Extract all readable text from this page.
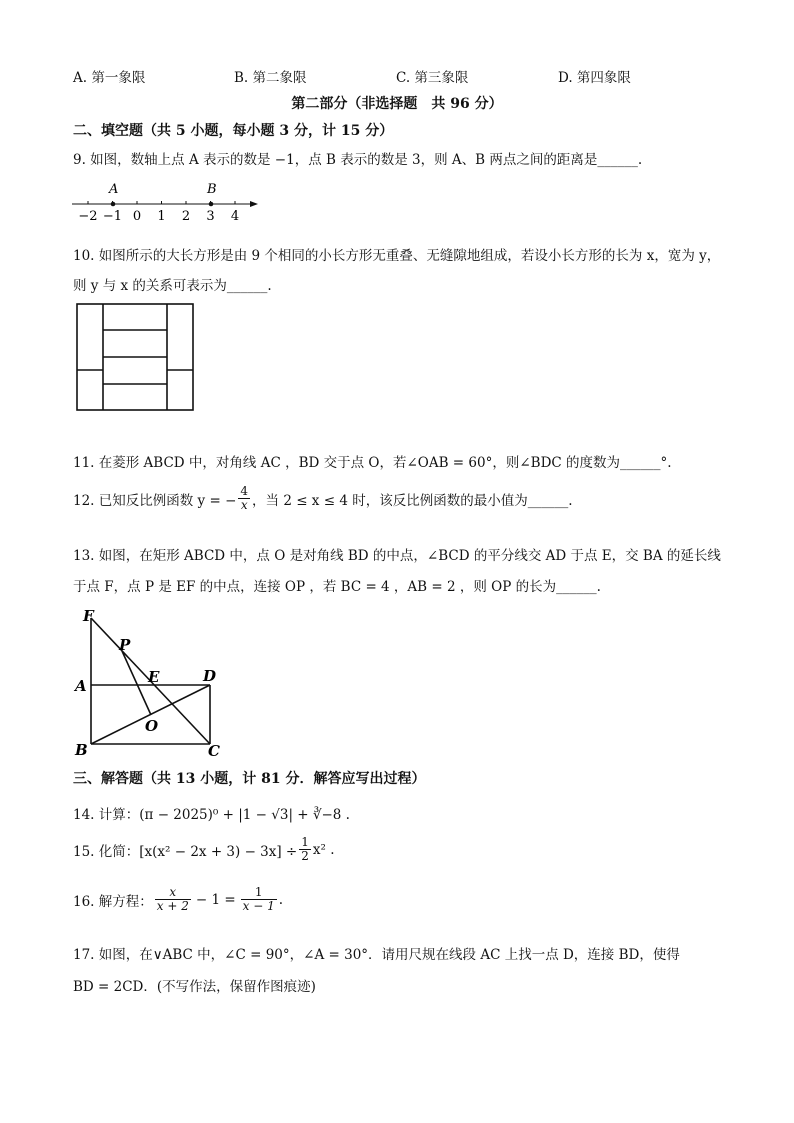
A. 第一象限	B. 第二象限	C. 第三象限	D. 第四象限
第二部分（非选择题　共 96 分）
二、填空题（共 5 小题，每小题 3 分，计 15 分）
9. 如图，数轴上点 A 表示的数是 −1，点 B 表示的数是 3，则 A、B 两点之间的距离是______.
−2 −1 0 1 2 3 4
A	B
10. 如图所示的大长方形是由 9 个相同的小长方形无重叠、无缝隙地组成，若设小长方形的长为 x，宽为 y，
则 y 与 x 的关系可表示为______.
11. 在菱形 ABCD 中，对角线 AC ，BD 交于点 O，若∠OAB = 60°，则∠BDC 的度数为______°.
12. 已知反比例函数 y = − $\frac{4}{x}$ ，当 2 ≤ x ≤ 4 时，该反比例函数的最小值为______.
13. 如图，在矩形 ABCD 中，点 O 是对角线 BD 的中点，∠BCD 的平分线交 AD 于点 E，交 BA 的延长线
于点 F，点 P 是 EF 的中点，连接 OP ，若 BC = 4 ，AB = 2 ，则 OP 的长为______.
F
P
A	E	D
O
B	C
三、解答题（共 13 小题，计 81 分．解答应写出过程）
14. 计算：(π − 2025)⁰ + |1 − √3| + ∛−8 .
15. 化简：$[x(x^2 - 2x + 3) - 3x] \div \frac{1}{2} x^2$ .
16. 解方程： $\frac{x}{x + 2} - 1 = \frac{1}{x - 1}$ .
17. 如图，在∨ABC 中，∠C = 90°，∠A = 30°．请用尺规在线段 AC 上找一点 D，连接 BD，使得
BD = 2CD．(不写作法，保留作图痕迹)
